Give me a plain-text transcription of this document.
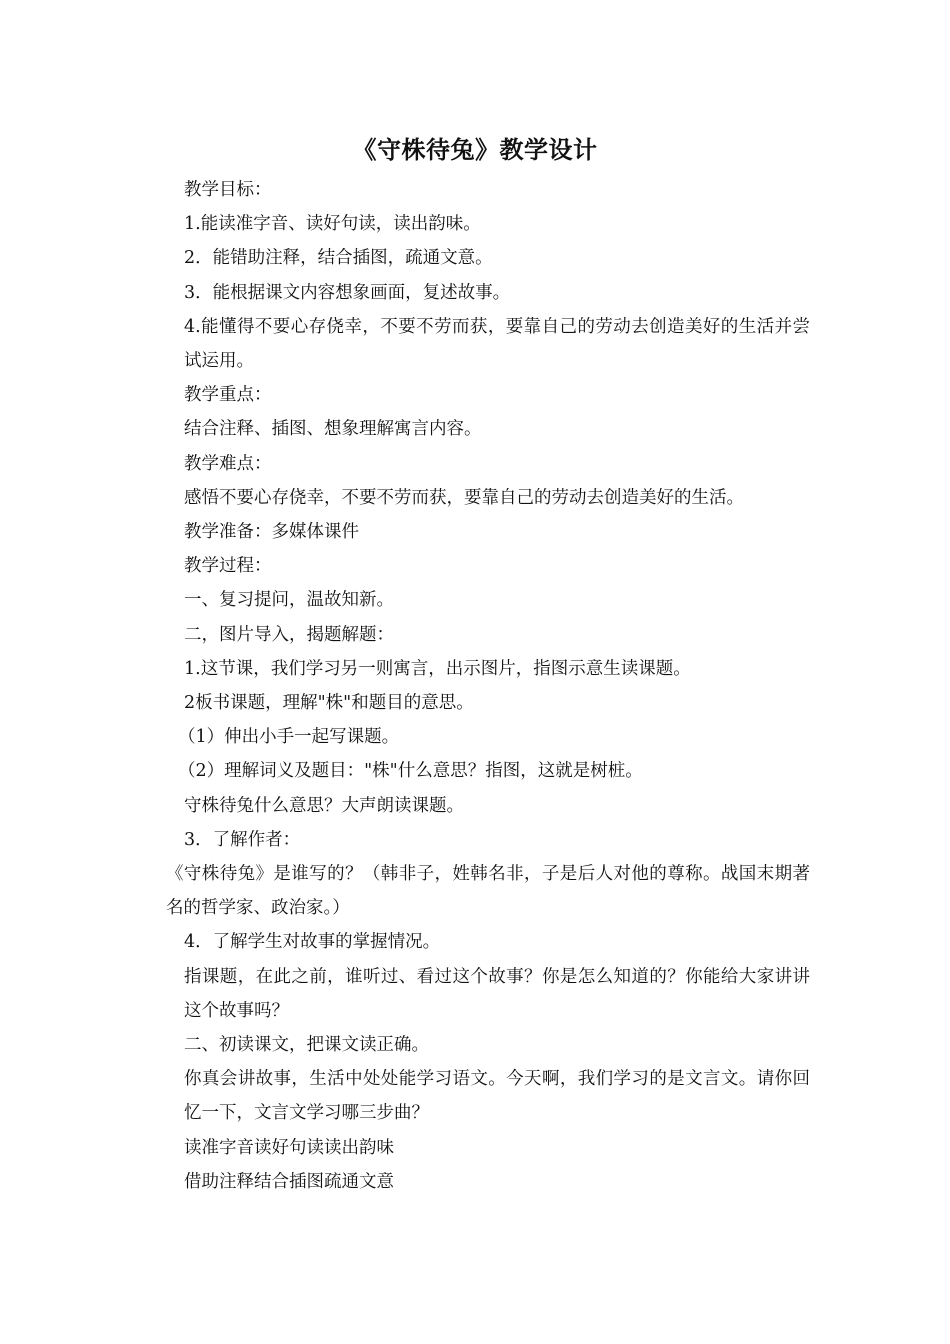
《守株待兔》教学设计

教学目标：

1.能读准字音、读好句读，读出韵味。

2．能错助注释，结合插图，疏通文意。

3．能根据课文内容想象画面，复述故事。

4.能懂得不要心存侥幸，不要不劳而获，要靠自己的劳动去创造美好的生活并尝试运用。

教学重点：

结合注释、插图、想象理解寓言内容。

教学难点：

感悟不要心存侥幸，不要不劳而获，要靠自己的劳动去创造美好的生活。

教学准备：多媒体课件

教学过程：

一、复习提问，温故知新。

二，图片导入，揭题解题：

1.这节课，我们学习另一则寓言，出示图片，指图示意生读课题。

2板书课题，理解"株"和题目的意思。

（1）伸出小手一起写课题。

（2）理解词义及题目："株"什么意思？指图，这就是树桩。

守株待兔什么意思？大声朗读课题。

3．了解作者：

《守株待兔》是谁写的？（韩非子，姓韩名非，子是后人对他的尊称。战国末期著名的哲学家、政治家。）

4．了解学生对故事的掌握情况。

指课题，在此之前，谁听过、看过这个故事？你是怎么知道的？你能给大家讲讲这个故事吗？

二、初读课文，把课文读正确。

你真会讲故事，生活中处处能学习语文。今天啊，我们学习的是文言文。请你回忆一下，文言文学习哪三步曲？

读准字音读好句读读出韵味

借助注释结合插图疏通文意
